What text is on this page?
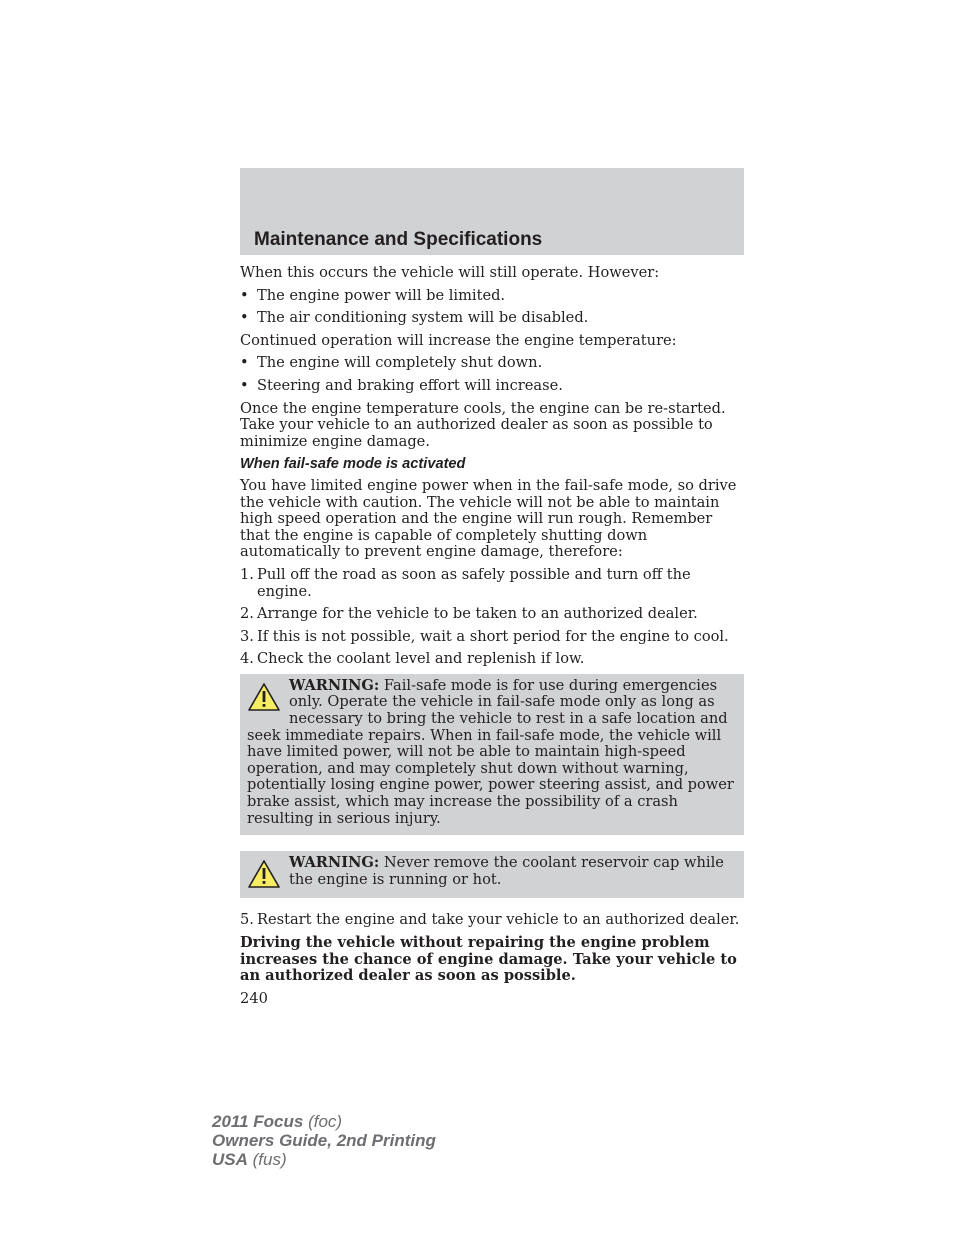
Maintenance and Specifications

When this occurs the vehicle will still operate. However:

• The engine power will be limited.
• The air conditioning system will be disabled.

Continued operation will increase the engine temperature:

• The engine will completely shut down.
• Steering and braking effort will increase.

Once the engine temperature cools, the engine can be re-started. Take your vehicle to an authorized dealer as soon as possible to minimize engine damage.

When fail-safe mode is activated

You have limited engine power when in the fail-safe mode, so drive the vehicle with caution. The vehicle will not be able to maintain high speed operation and the engine will run rough. Remember that the engine is capable of completely shutting down automatically to prevent engine damage, therefore:

1. Pull off the road as soon as safely possible and turn off the engine.
2. Arrange for the vehicle to be taken to an authorized dealer.
3. If this is not possible, wait a short period for the engine to cool.
4. Check the coolant level and replenish if low.
WARNING: Fail-safe mode is for use during emergencies only. Operate the vehicle in fail-safe mode only as long as necessary to bring the vehicle to rest in a safe location and seek immediate repairs. When in fail-safe mode, the vehicle will have limited power, will not be able to maintain high-speed operation, and may completely shut down without warning, potentially losing engine power, power steering assist, and power brake assist, which may increase the possibility of a crash resulting in serious injury.
WARNING: Never remove the coolant reservoir cap while the engine is running or hot.
5. Restart the engine and take your vehicle to an authorized dealer.

Driving the vehicle without repairing the engine problem increases the chance of engine damage. Take your vehicle to an authorized dealer as soon as possible.

240
2011 Focus (foc)
Owners Guide, 2nd Printing
USA (fus)
